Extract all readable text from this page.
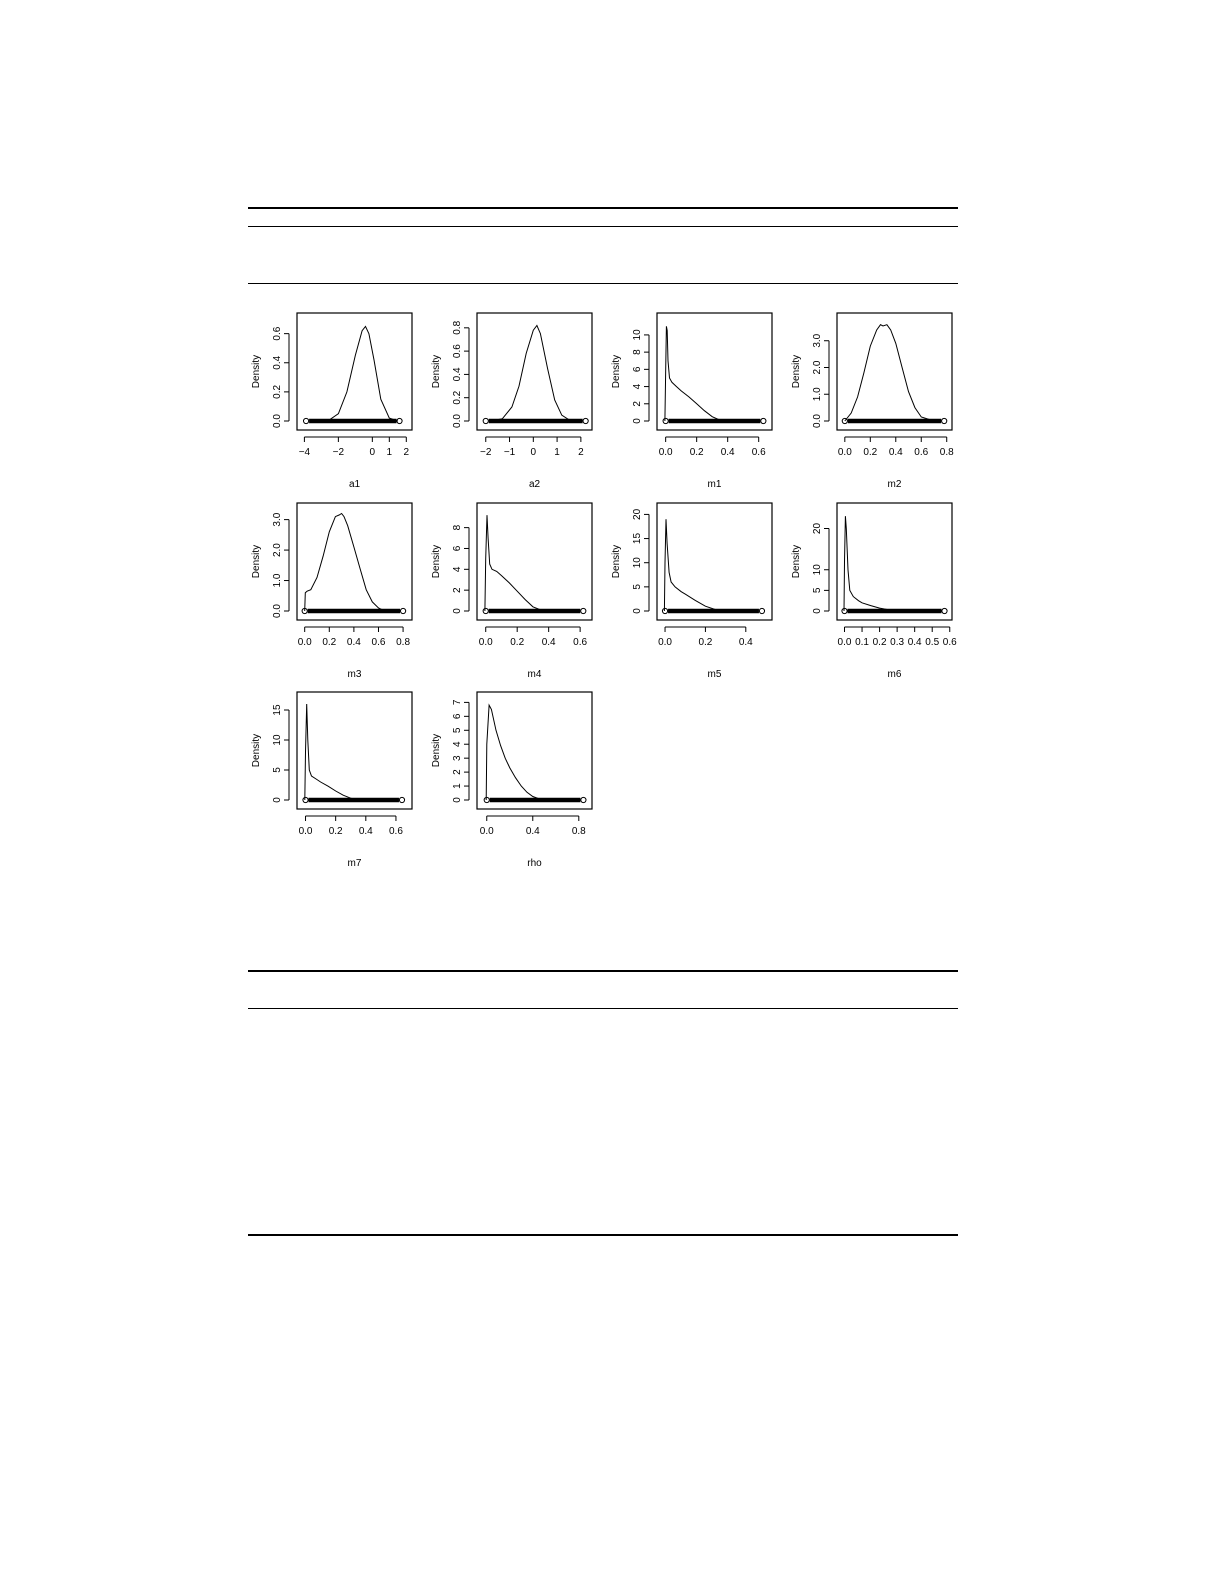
−4 −2	0 1 2
0.0
0.2
0.4
0.6
a1
Density
−2 −1 0 1 2
0.0
0.2
0.4
0.6
0.8
a2
Density
0.0 0.2 0.4 0.6
0
2
4
6
8
10
m1
Density
0.0 0.2 0.4 0.6 0.8
0.0
1.0
2.0
3.0
m2
Density
0.0 0.2 0.4 0.6 0.8
0.0
1.0
2.0
3.0
m3
Density
0.0 0.2 0.4 0.6
0
2
4
6
8
m4
Density
0.0	0.2	0.4
0
5
10
15
20
m5
Density
0.0 0.1 0.2 0.3 0.4 0.5 0.6
0
5
10
20
m6
Density
0.0 0.2 0.4 0.6
0
5
10
15
m7
Density
0.0	0.4	0.8
0
1
2
3
4
5
6
7
rho
Density
